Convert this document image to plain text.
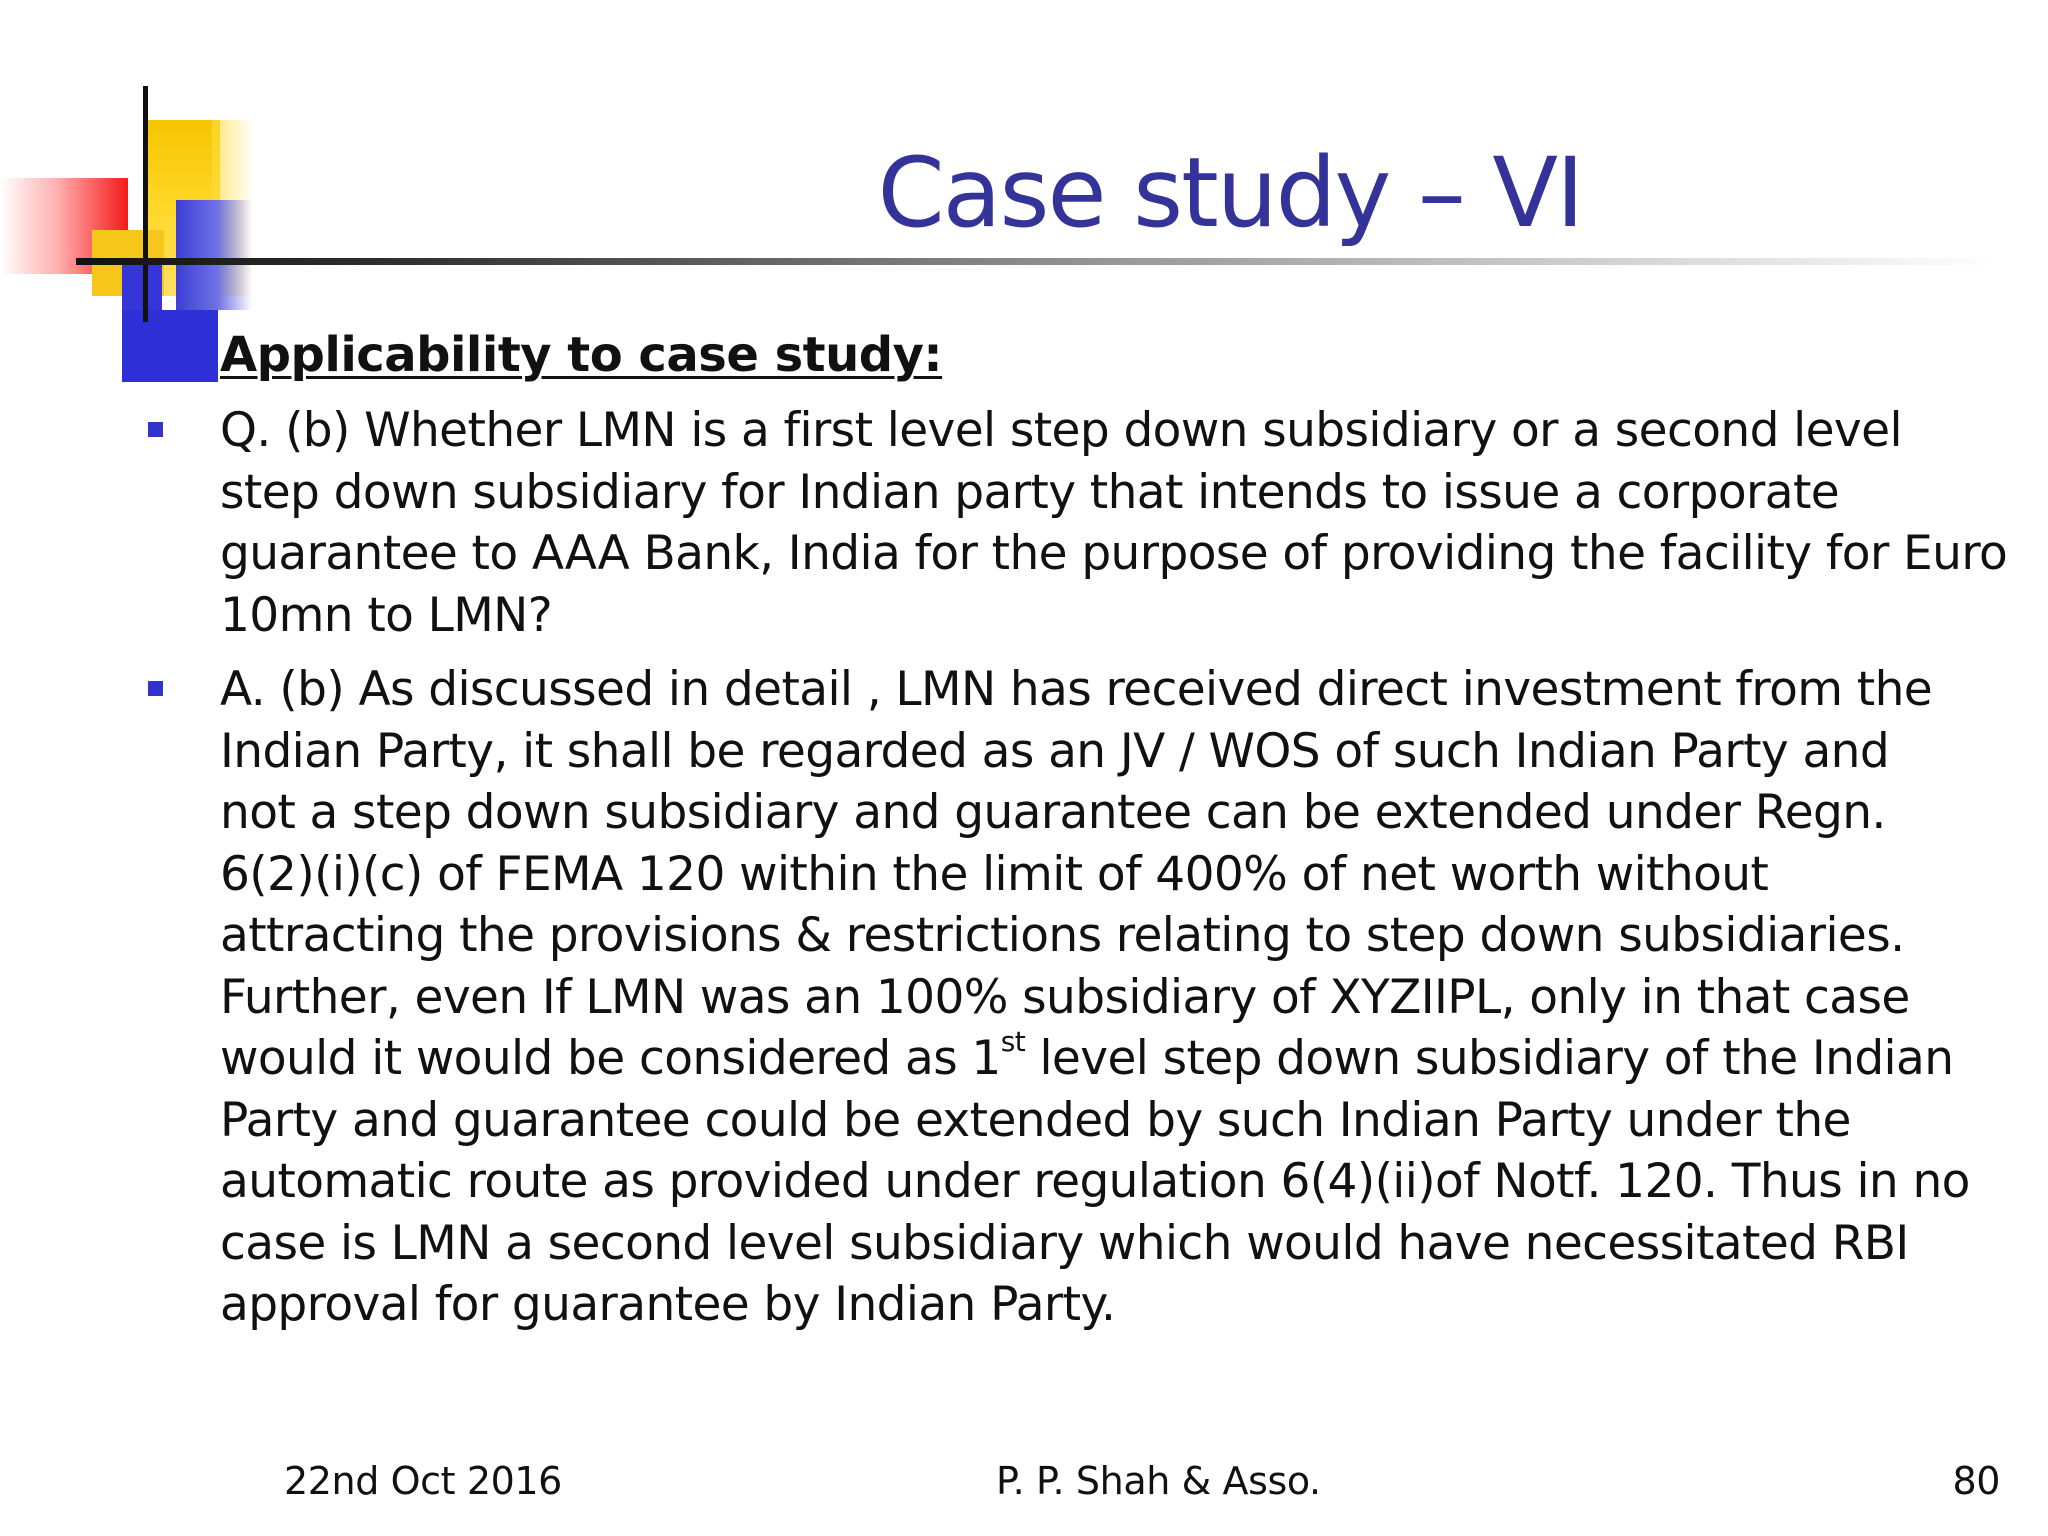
Case study – VI
Applicability to case study:
Q. (b) Whether LMN is a first level step down subsidiary or a second level
step down subsidiary for Indian party that intends to issue a corporate
guarantee to AAA Bank, India for the purpose of providing the facility for Euro
10mn to LMN?
A. (b) As discussed in detail , LMN has received direct investment from the
Indian Party, it shall be regarded as an JV / WOS of such Indian Party and
not a step down subsidiary and guarantee can be extended under Regn.
6(2)(i)(c) of FEMA 120 within the limit of 400% of net worth without
attracting the provisions & restrictions relating to step down subsidiaries.
Further, even If LMN was an 100% subsidiary of XYZIIPL, only in that case
would it would be considered as 1st level step down subsidiary of the Indian
Party and guarantee could be extended by such Indian Party under the
automatic route as provided under regulation 6(4)(ii)of Notf. 120. Thus in no
case is LMN a second level subsidiary which would have necessitated RBI
approval for guarantee by Indian Party.
22nd Oct 2016	P. P. Shah & Asso.	80
